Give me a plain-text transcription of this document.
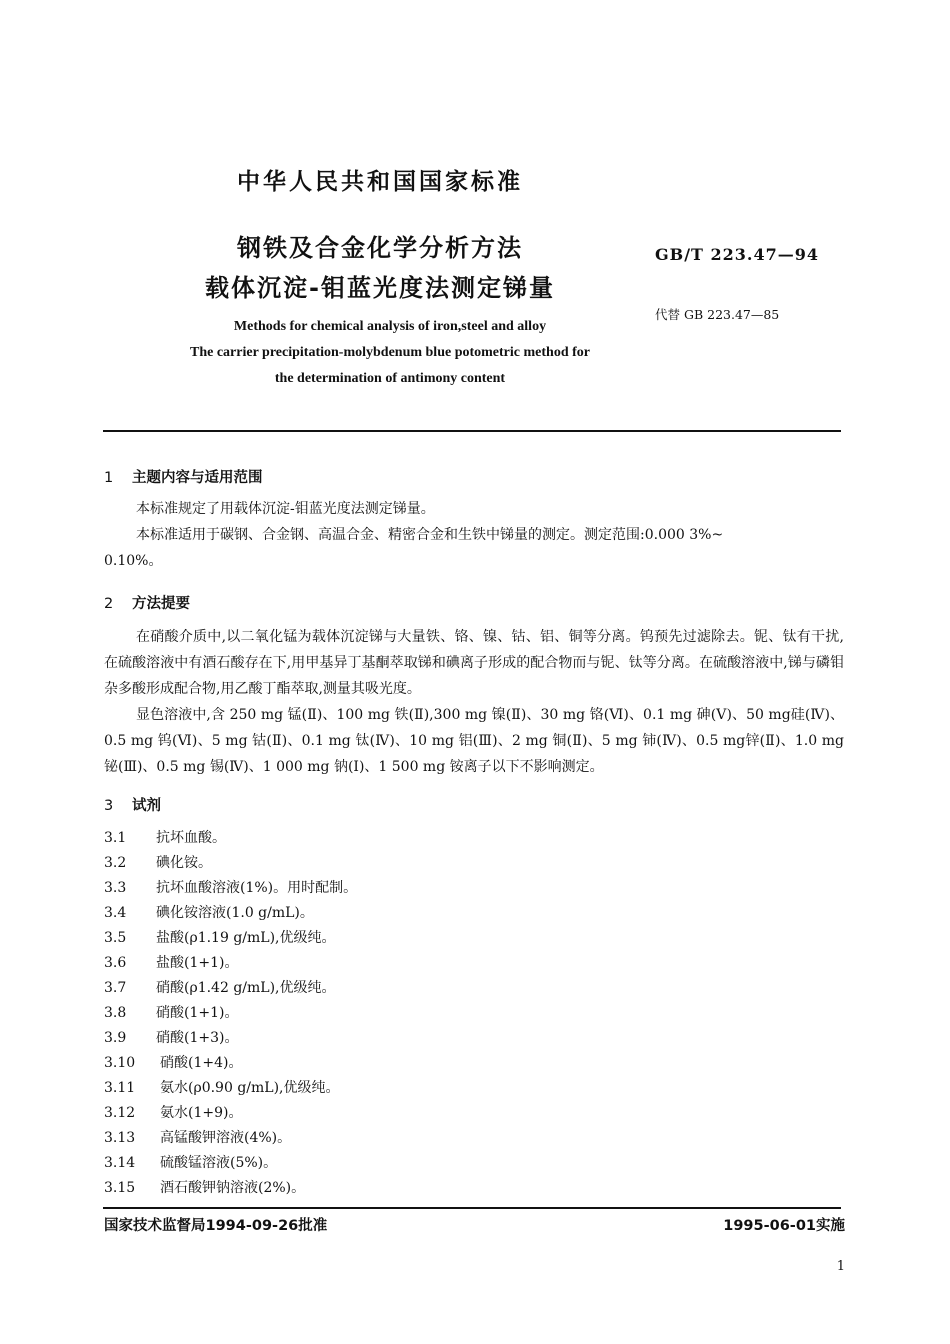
中华人民共和国国家标准
钢铁及合金化学分析方法
载体沉淀-钼蓝光度法测定锑量
GB/T 223.47—94
代替 GB 223.47—85
Methods for chemical analysis of iron,steel and alloy
The carrier precipitation-molybdenum blue potometric method for
the determination of antimony content
1 主题内容与适用范围
本标准规定了用载体沉淀-钼蓝光度法测定锑量。
本标准适用于碳钢、合金钢、高温合金、精密合金和生铁中锑量的测定。测定范围:0.000 3%~
0.10%。
2 方法提要
在硝酸介质中,以二氧化锰为载体沉淀锑与大量铁、铬、镍、钴、铝、铜等分离。钨预先过滤除去。铌、钛有干扰,在硫酸溶液中有酒石酸存在下,用甲基异丁基酮萃取锑和碘离子形成的配合物而与铌、钛等分离。在硫酸溶液中,锑与磷钼杂多酸形成配合物,用乙酸丁酯萃取,测量其吸光度。
显色溶液中,含 250 mg 锰(Ⅱ)、100 mg 铁(Ⅱ),300 mg 镍(Ⅱ)、30 mg 铬(Ⅵ)、0.1 mg 砷(Ⅴ)、50 mg硅(Ⅳ)、0.5 mg 钨(Ⅵ)、5 mg 钴(Ⅱ)、0.1 mg 钛(Ⅳ)、10 mg 铝(Ⅲ)、2 mg 铜(Ⅱ)、5 mg 铈(Ⅳ)、0.5 mg锌(Ⅱ)、1.0 mg 铋(Ⅲ)、0.5 mg 锡(Ⅳ)、1 000 mg 钠(Ⅰ)、1 500 mg 铵离子以下不影响测定。
3 试剂
3.1 抗坏血酸。
3.2 碘化铵。
3.3 抗坏血酸溶液(1%)。用时配制。
3.4 碘化铵溶液(1.0 g/mL)。
3.5 盐酸(ρ1.19 g/mL),优级纯。
3.6 盐酸(1+1)。
3.7 硝酸(ρ1.42 g/mL),优级纯。
3.8 硝酸(1+1)。
3.9 硝酸(1+3)。
3.10 硝酸(1+4)。
3.11 氨水(ρ0.90 g/mL),优级纯。
3.12 氨水(1+9)。
3.13 高锰酸钾溶液(4%)。
3.14 硫酸锰溶液(5%)。
3.15 酒石酸钾钠溶液(2%)。
国家技术监督局1994-09-26批准	1995-06-01实施
1
